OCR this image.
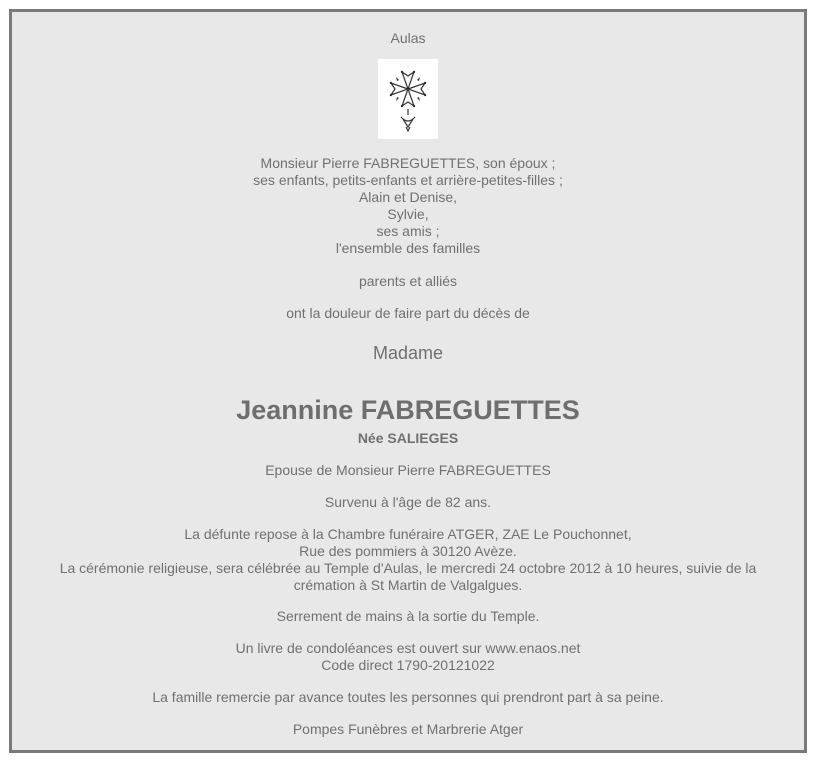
Aulas
Monsieur Pierre FABREGUETTES, son époux ;
ses enfants, petits-enfants et arrière-petites-filles ;
Alain et Denise,
Sylvie,
ses amis ;
l'ensemble des familles
parents et alliés
ont la douleur de faire part du décès de
Madame
Jeannine FABREGUETTES
Née SALIEGES
Epouse de Monsieur Pierre FABREGUETTES
Survenu à l'âge de 82 ans.
La défunte repose à la Chambre funéraire ATGER, ZAE Le Pouchonnet,
Rue des pommiers à 30120 Avèze.
La cérémonie religieuse, sera célébrée au Temple d'Aulas, le mercredi 24 octobre 2012 à 10 heures, suivie de la crémation à St Martin de Valgalgues.
Serrement de mains à la sortie du Temple.
Un livre de condoléances est ouvert sur www.enaos.net
Code direct 1790-20121022
La famille remercie par avance toutes les personnes qui prendront part à sa peine.
Pompes Funèbres et Marbrerie Atger
